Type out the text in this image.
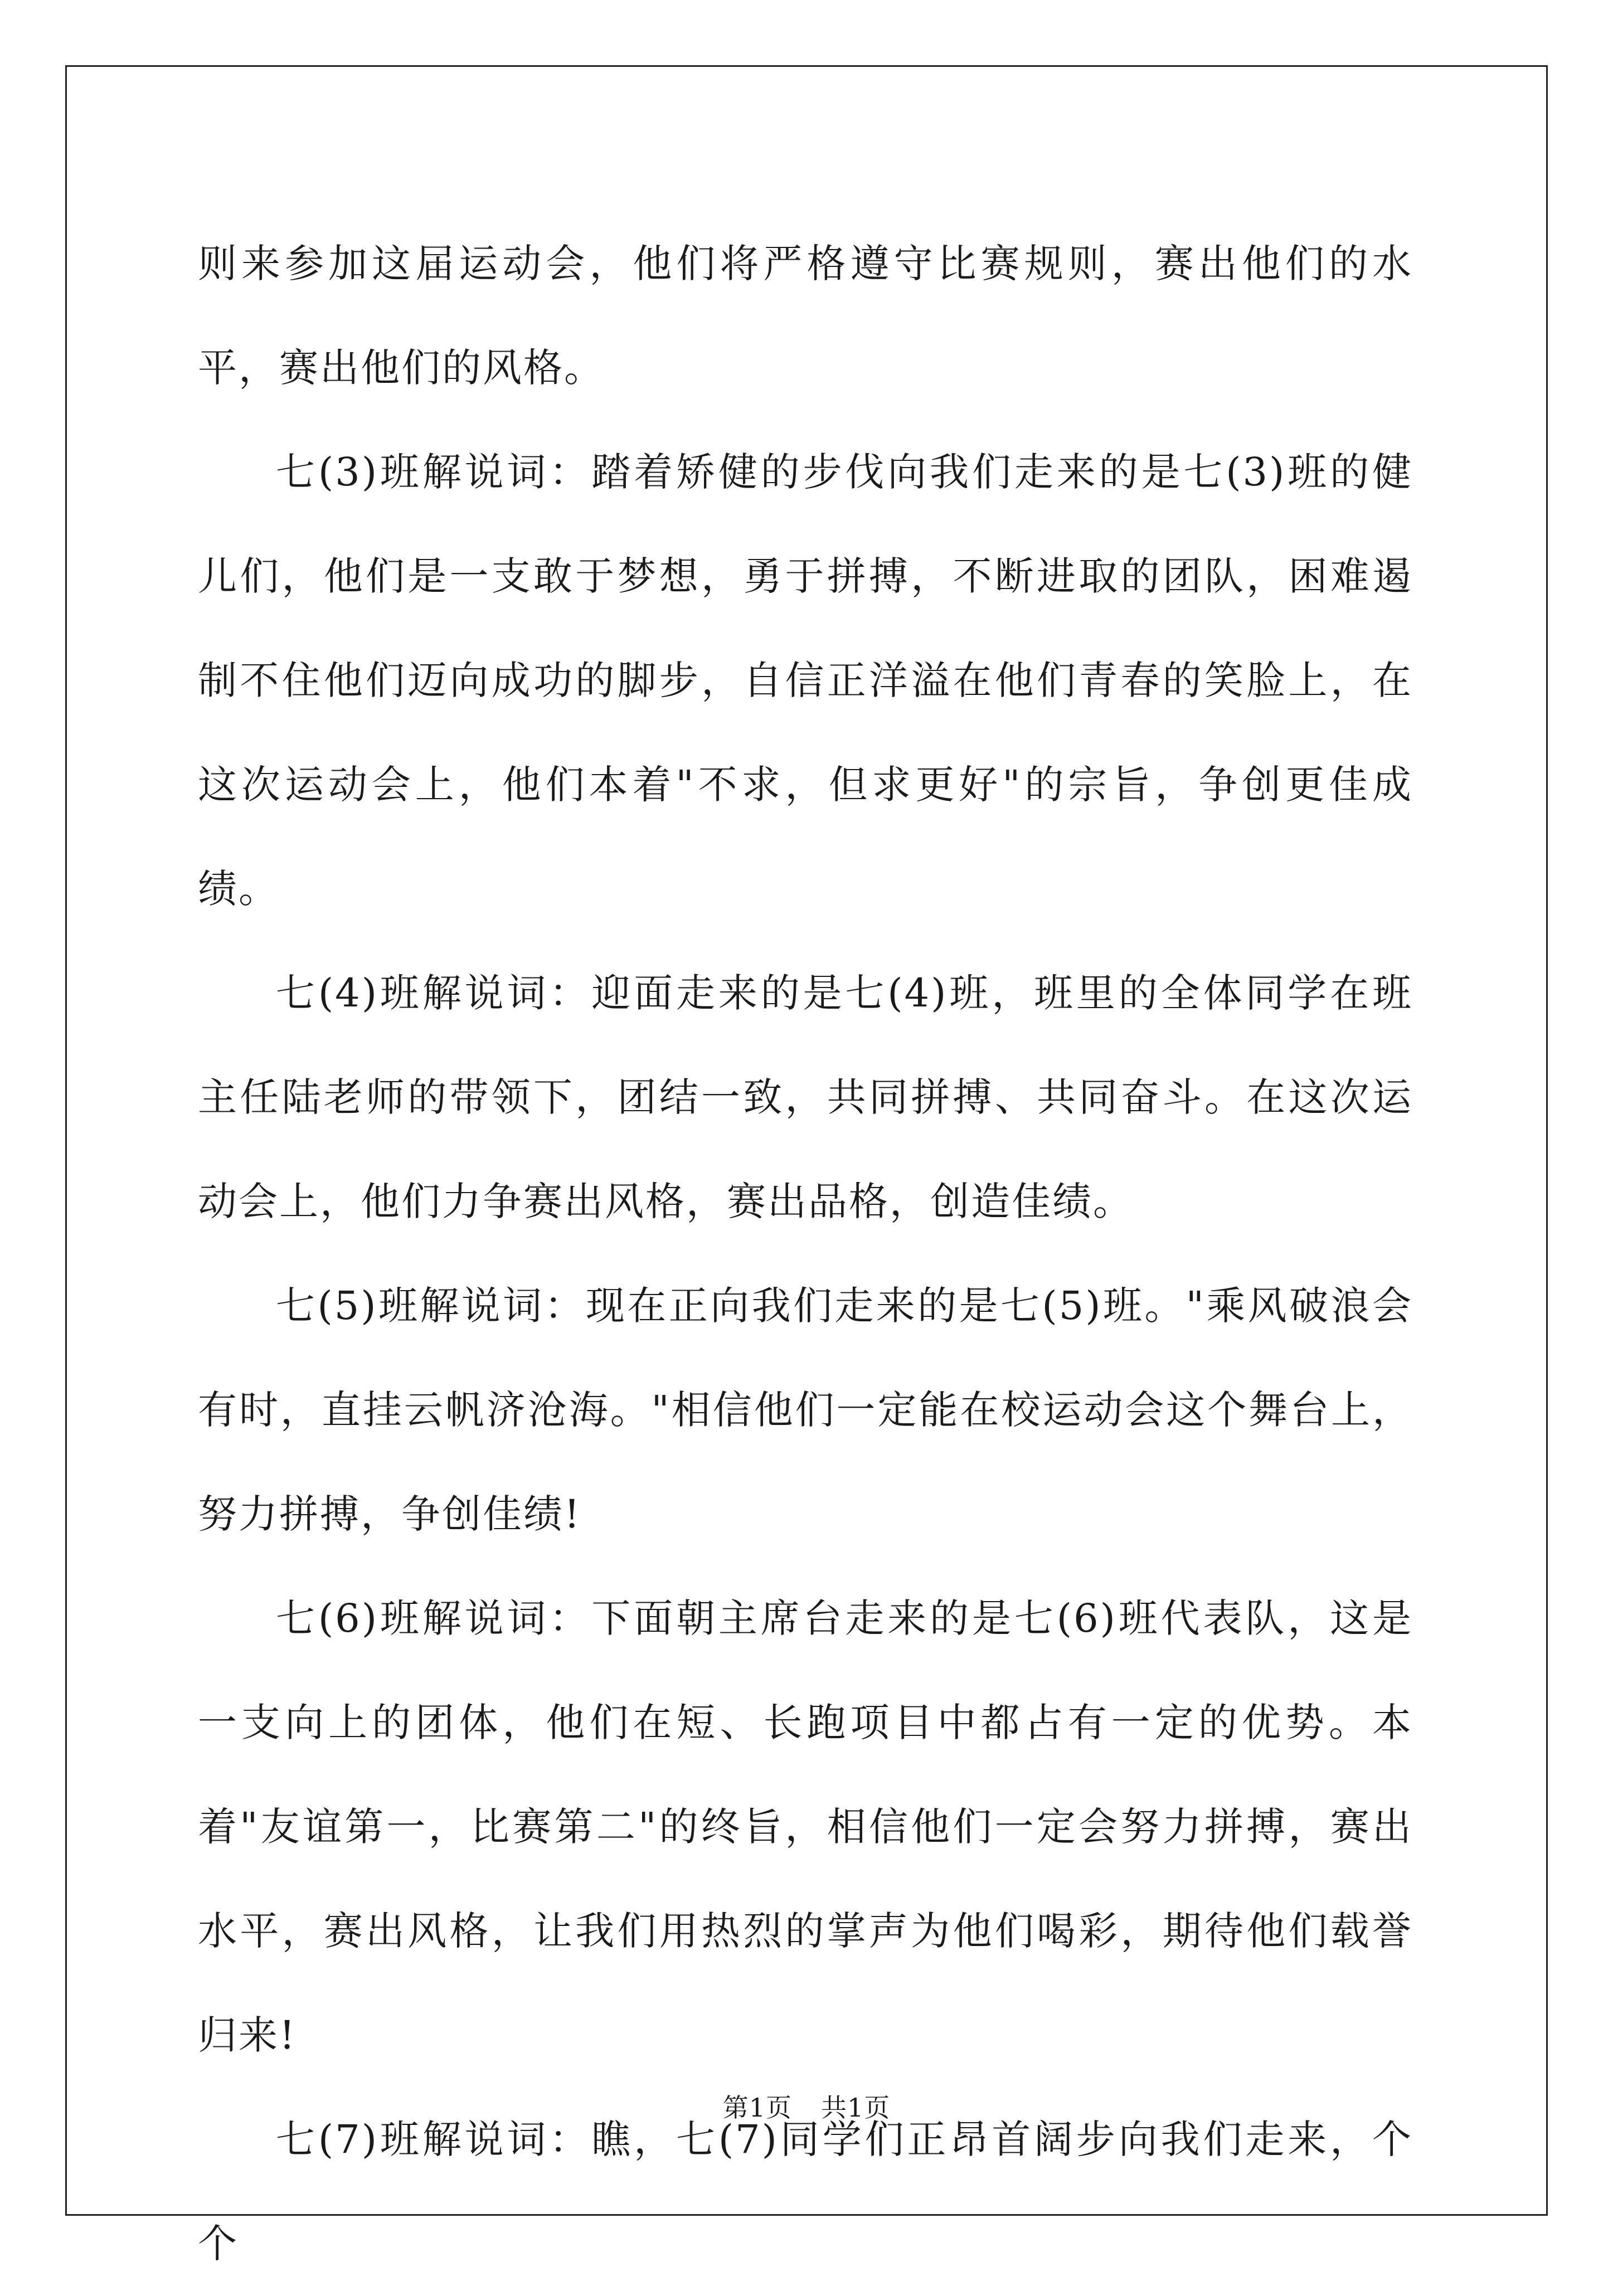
则来参加这届运动会，他们将严格遵守比赛规则，赛出他们的水平，赛出他们的风格。

七(3)班解说词：踏着矫健的步伐向我们走来的是七(3)班的健儿们，他们是一支敢于梦想，勇于拼搏，不断进取的团队，困难遏制不住他们迈向成功的脚步，自信正洋溢在他们青春的笑脸上，在这次运动会上，他们本着"不求，但求更好"的宗旨，争创更佳成绩。

七(4)班解说词：迎面走来的是七(4)班，班里的全体同学在班主任陆老师的带领下，团结一致，共同拼搏、共同奋斗。在这次运动会上，他们力争赛出风格，赛出品格，创造佳绩。

七(5)班解说词：现在正向我们走来的是七(5)班。"乘风破浪会有时，直挂云帆济沧海。"相信他们一定能在校运动会这个舞台上，努力拼搏，争创佳绩!

七(6)班解说词：下面朝主席台走来的是七(6)班代表队，这是一支向上的团体，他们在短、长跑项目中都占有一定的优势。本着"友谊第一，比赛第二"的终旨，相信他们一定会努力拼搏，赛出水平，赛出风格，让我们用热烈的掌声为他们喝彩，期待他们载誉归来!

七(7)班解说词：瞧，七(7)同学们正昂首阔步向我们走来，个个

第1页 共1页
